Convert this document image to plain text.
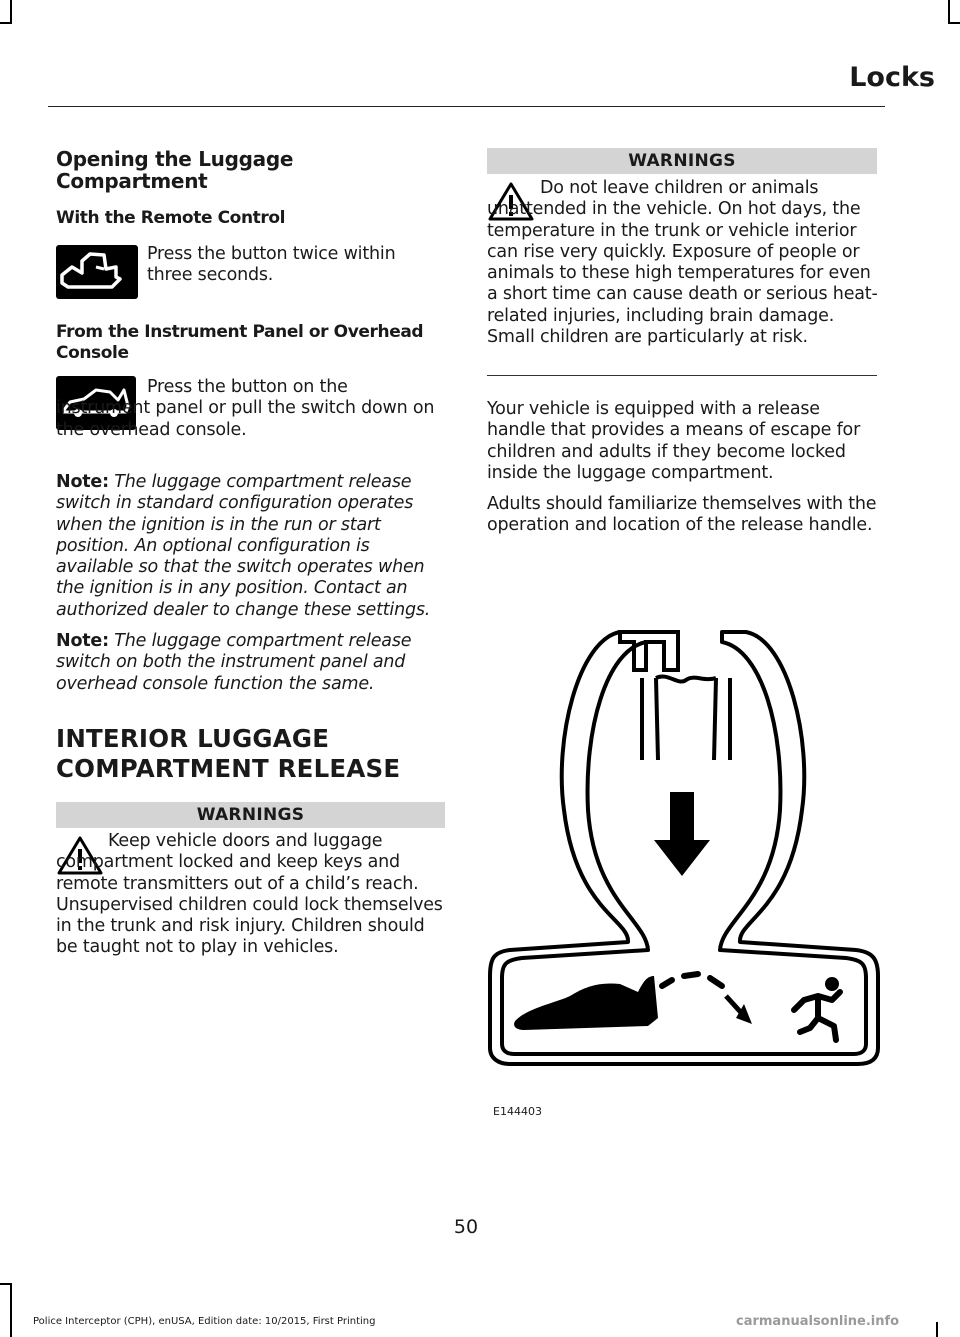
Locks
Opening the Luggage Compartment
With the Remote Control
Press the button twice within three seconds.
From the Instrument Panel or Overhead Console
Press the button on the instrument panel or pull the switch down on the overhead console.
Note: The luggage compartment release switch in standard configuration operates when the ignition is in the run or start position. An optional configuration is available so that the switch operates when the ignition is in any position. Contact an authorized dealer to change these settings.
Note: The luggage compartment release switch on both the instrument panel and overhead console function the same.
INTERIOR LUGGAGE
COMPARTMENT RELEASE
WARNINGS
Keep vehicle doors and luggage compartment locked and keep keys and remote transmitters out of a child’s reach. Unsupervised children could lock themselves in the trunk and risk injury. Children should be taught not to play in vehicles.
WARNINGS
Do not leave children or animals unattended in the vehicle. On hot days, the temperature in the trunk or vehicle interior can rise very quickly. Exposure of people or animals to these high temperatures for even a short time can cause death or serious heat-related injuries, including brain damage. Small children are particularly at risk.
Your vehicle is equipped with a release handle that provides a means of escape for children and adults if they become locked inside the luggage compartment.
Adults should familiarize themselves with the operation and location of the release handle.
E144403
50
Police Interceptor (CPH), enUSA, Edition date: 10/2015, First Printing	carmanualsonline.info
